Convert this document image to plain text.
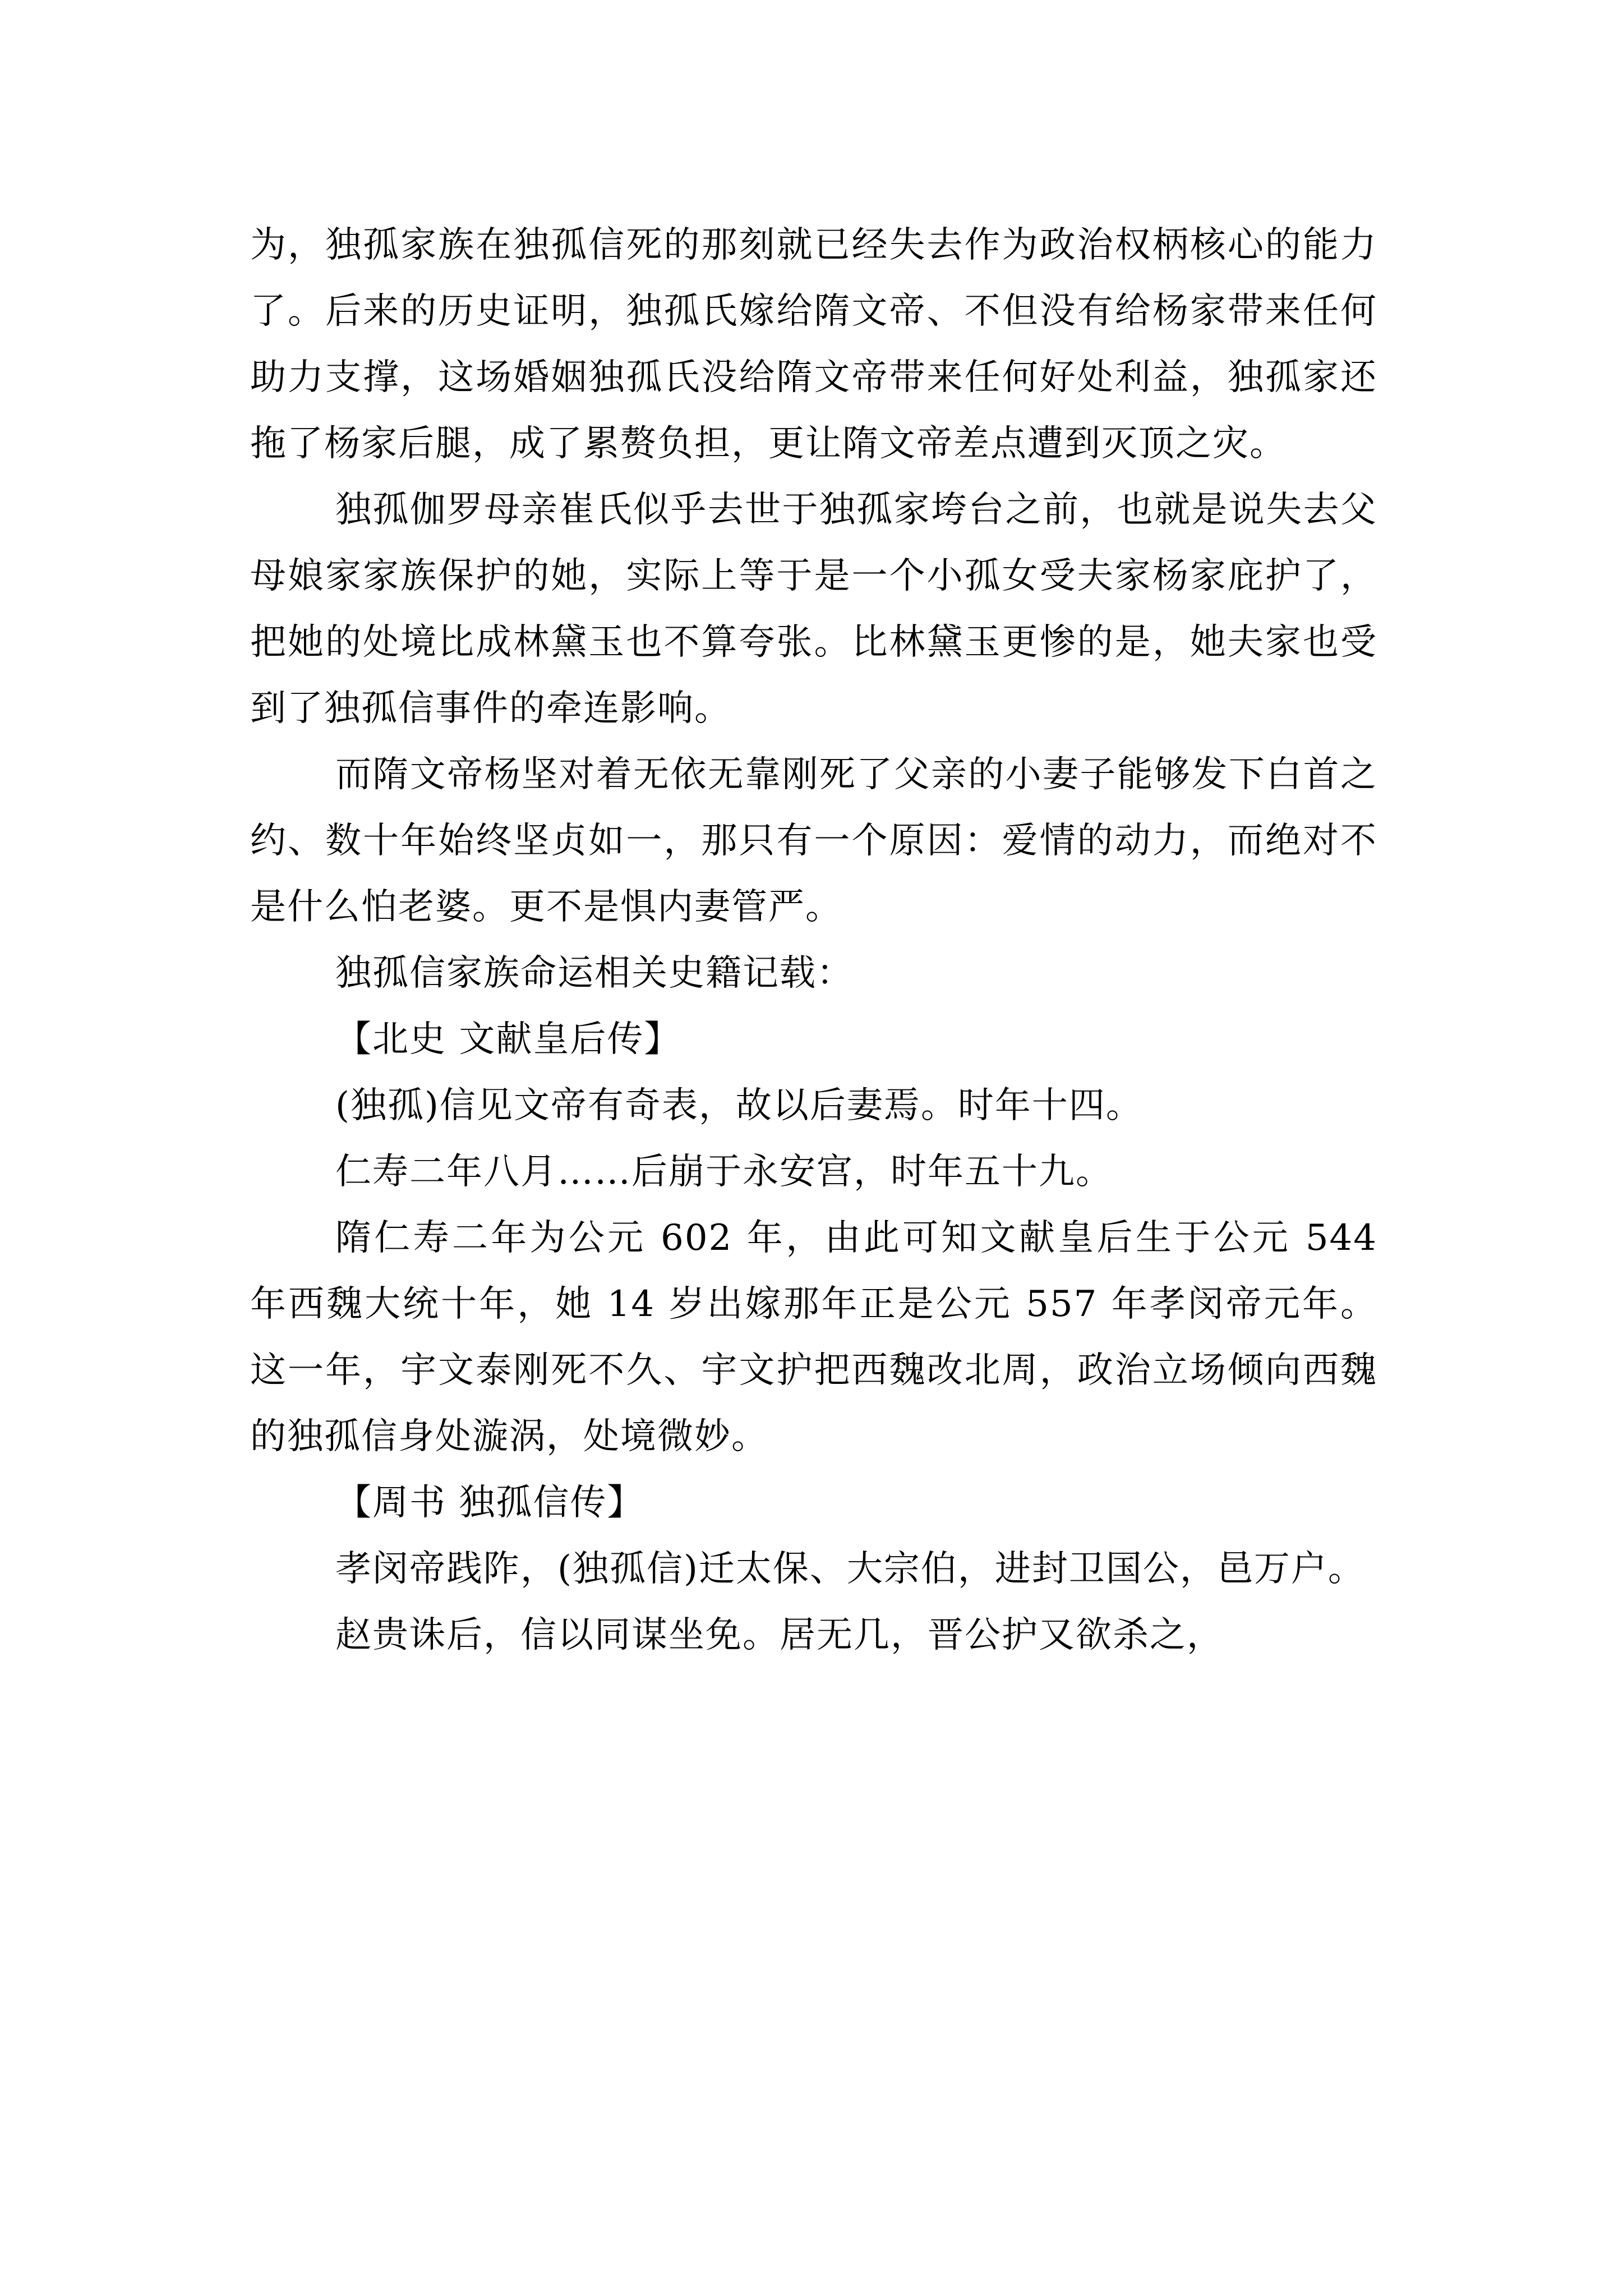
为，独孤家族在独孤信死的那刻就已经失去作为政治权柄核心的能力了。后来的历史证明，独孤氏嫁给隋文帝、不但没有给杨家带来任何助力支撑，这场婚姻独孤氏没给隋文帝带来任何好处利益，独孤家还拖了杨家后腿，成了累赘负担，更让隋文帝差点遭到灭顶之灾。

独孤伽罗母亲崔氏似乎去世于独孤家垮台之前，也就是说失去父母娘家家族保护的她，实际上等于是一个小孤女受夫家杨家庇护了，把她的处境比成林黛玉也不算夸张。比林黛玉更惨的是，她夫家也受到了独孤信事件的牵连影响。

而隋文帝杨坚对着无依无靠刚死了父亲的小妻子能够发下白首之约、数十年始终坚贞如一，那只有一个原因：爱情的动力，而绝对不是什么怕老婆。更不是惧内妻管严。

独孤信家族命运相关史籍记载：

【北史 文献皇后传】

(独孤)信见文帝有奇表，故以后妻焉。时年十四。

仁寿二年八月……后崩于永安宫，时年五十九。

隋仁寿二年为公元 602 年，由此可知文献皇后生于公元 544 年西魏大统十年，她 14 岁出嫁那年正是公元 557 年孝闵帝元年。这一年，宇文泰刚死不久、宇文护把西魏改北周，政治立场倾向西魏的独孤信身处漩涡，处境微妙。

【周书 独孤信传】

孝闵帝践阼，(独孤信)迁太保、大宗伯，进封卫国公，邑万户。

赵贵诛后，信以同谋坐免。居无几，晋公护又欲杀之，
